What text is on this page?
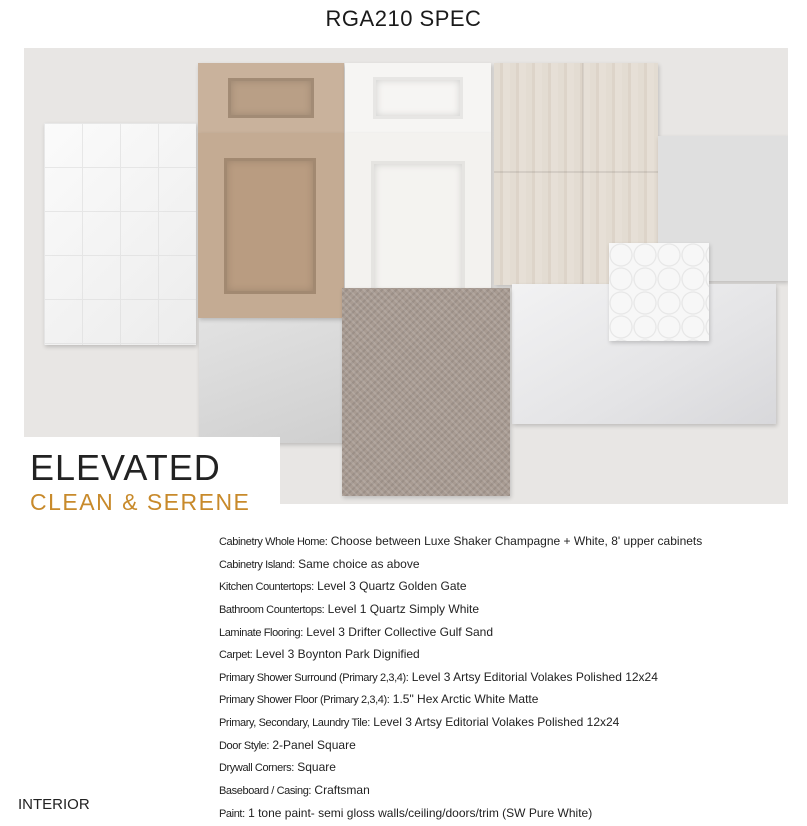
RGA210 SPEC
ELEVATED
CLEAN & SERENE
Cabinetry Whole Home: Choose between Luxe Shaker Champagne + White, 8' upper cabinets
Cabinetry Island: Same choice as above
Kitchen Countertops: Level 3 Quartz Golden Gate
Bathroom Countertops: Level 1 Quartz Simply White
Laminate Flooring: Level 3 Drifter Collective Gulf Sand
Carpet: Level 3 Boynton Park Dignified
Primary Shower Surround (Primary 2,3,4): Level 3 Artsy Editorial Volakes Polished 12x24
Primary Shower Floor (Primary 2,3,4): 1.5" Hex Arctic White Matte
Primary, Secondary, Laundry Tile: Level 3 Artsy Editorial Volakes Polished 12x24
Door Style: 2-Panel Square
Drywall Corners: Square
Baseboard / Casing: Craftsman
Paint: 1 tone paint- semi gloss walls/ceiling/doors/trim (SW Pure White)
INTERIOR
